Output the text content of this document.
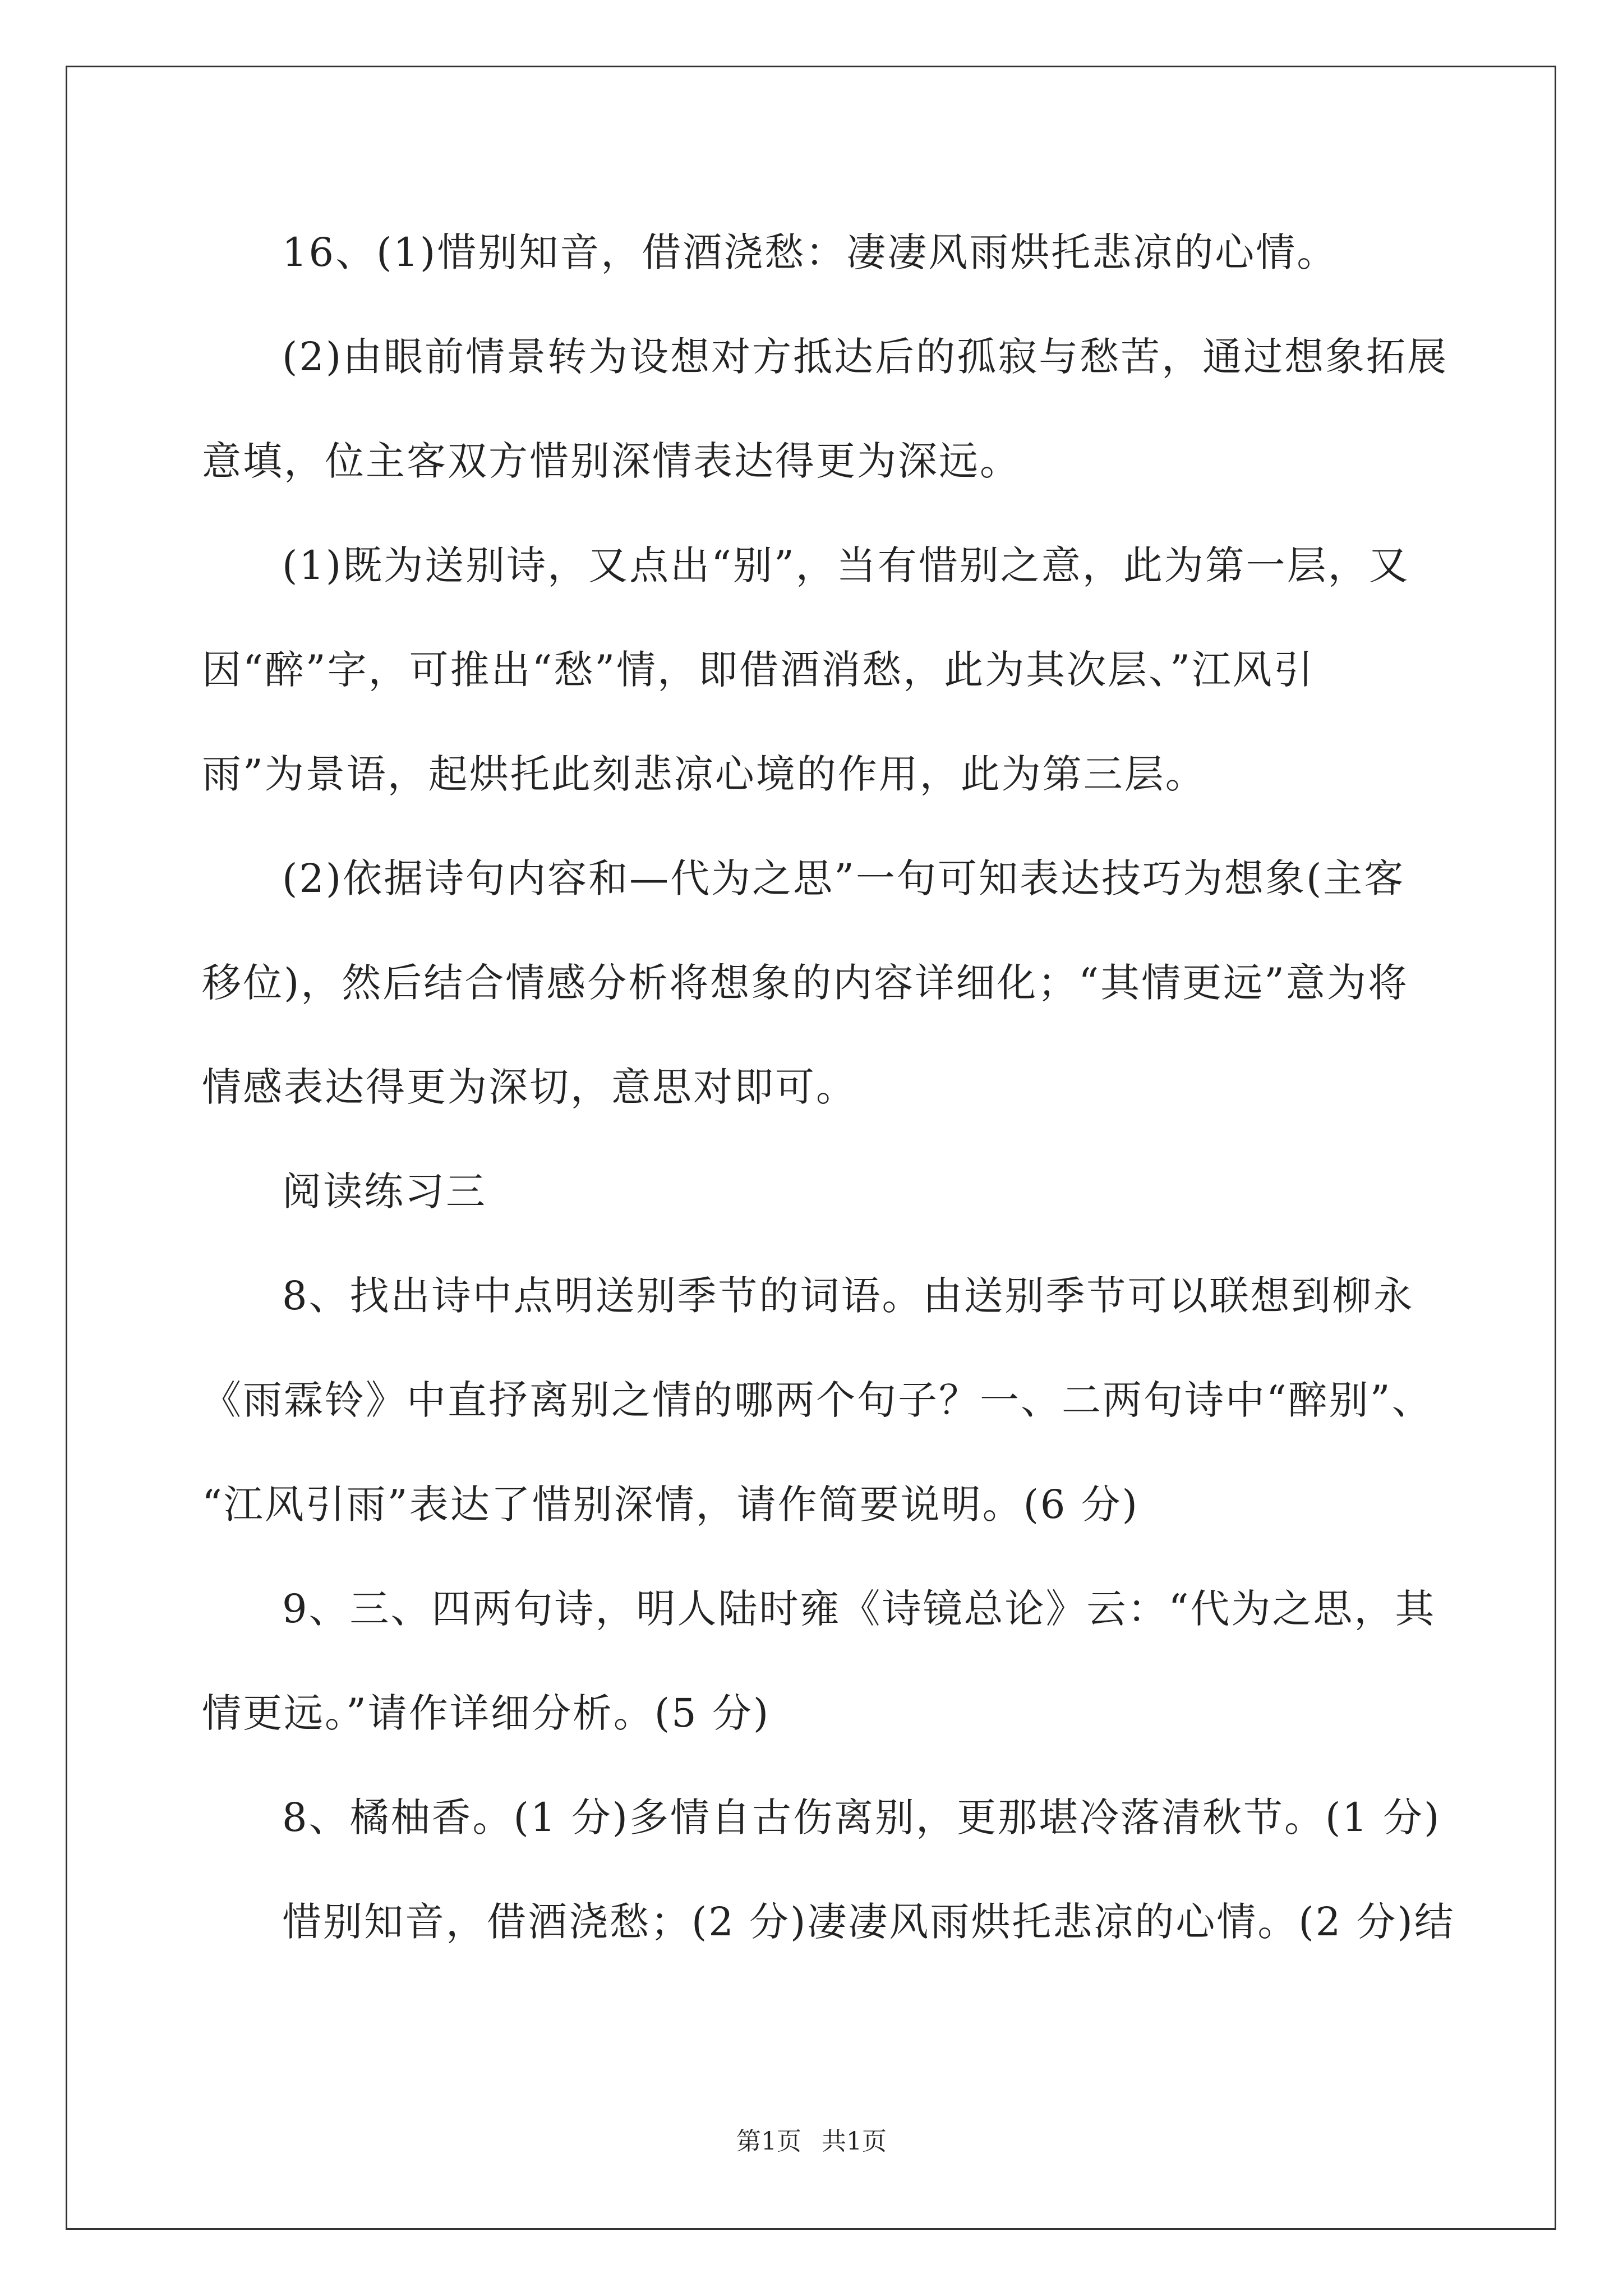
16、(1)惜别知音，借酒浇愁：凄凄风雨烘托悲凉的心情。
(2)由眼前情景转为设想对方抵达后的孤寂与愁苦，通过想象拓展
意填，位主客双方惜别深情表达得更为深远。
(1)既为送别诗，又点出“别”，当有惜别之意，此为第一层，又
因“醉”字，可推出“愁”情，即借酒消愁，此为其次层、”江风引
雨”为景语，起烘托此刻悲凉心境的作用，此为第三层。
(2)依据诗句内容和—代为之思”一句可知表达技巧为想象(主客
移位)，然后结合情感分析将想象的内容详细化；“其情更远”意为将
情感表达得更为深切，意思对即可。
阅读练习三
8、找出诗中点明送别季节的词语。由送别季节可以联想到柳永
《雨霖铃》中直抒离别之情的哪两个句子？一、二两句诗中“醉别”、
“江风引雨”表达了惜别深情，请作简要说明。(6 分)
9、三、四两句诗，明人陆时雍《诗镜总论》云：“代为之思，其
情更远。”请作详细分析。(5 分)
8、橘柚香。(1 分)多情自古伤离别，更那堪冷落清秋节。(1 分)
惜别知音，借酒浇愁；(2 分)凄凄风雨烘托悲凉的心情。(2 分)结
第1页 共1页
